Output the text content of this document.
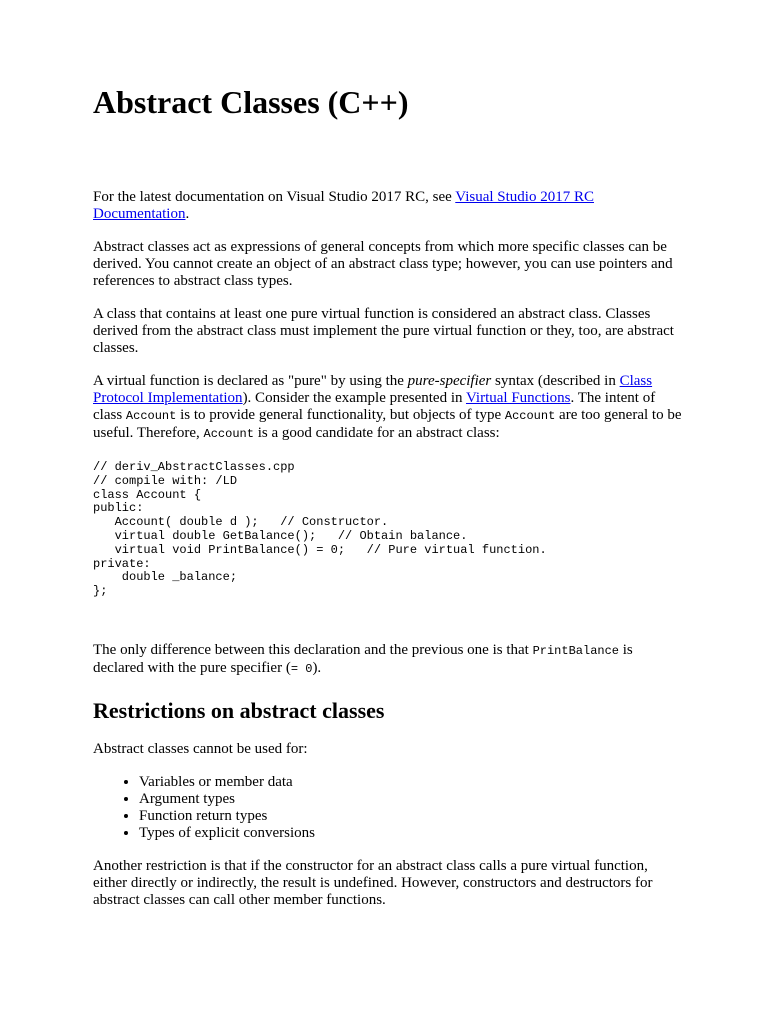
Abstract Classes (C++)

For the latest documentation on Visual Studio 2017 RC, see Visual Studio 2017 RC Documentation.

Abstract classes act as expressions of general concepts from which more specific classes can be derived. You cannot create an object of an abstract class type; however, you can use pointers and references to abstract class types.

A class that contains at least one pure virtual function is considered an abstract class. Classes derived from the abstract class must implement the pure virtual function or they, too, are abstract classes.

A virtual function is declared as "pure" by using the pure-specifier syntax (described in Class Protocol Implementation). Consider the example presented in Virtual Functions. The intent of class Account is to provide general functionality, but objects of type Account are too general to be useful. Therefore, Account is a good candidate for an abstract class:

// deriv_AbstractClasses.cpp
// compile with: /LD
class Account {
public:
Account( double d );   // Constructor.
virtual double GetBalance();   // Obtain balance.
virtual void PrintBalance() = 0;   // Pure virtual function.
private:
double _balance;
};

The only difference between this declaration and the previous one is that PrintBalance is declared with the pure specifier (= 0).

Restrictions on abstract classes

Abstract classes cannot be used for:

• Variables or member data
• Argument types
• Function return types
• Types of explicit conversions

Another restriction is that if the constructor for an abstract class calls a pure virtual function, either directly or indirectly, the result is undefined. However, constructors and destructors for abstract classes can call other member functions.
